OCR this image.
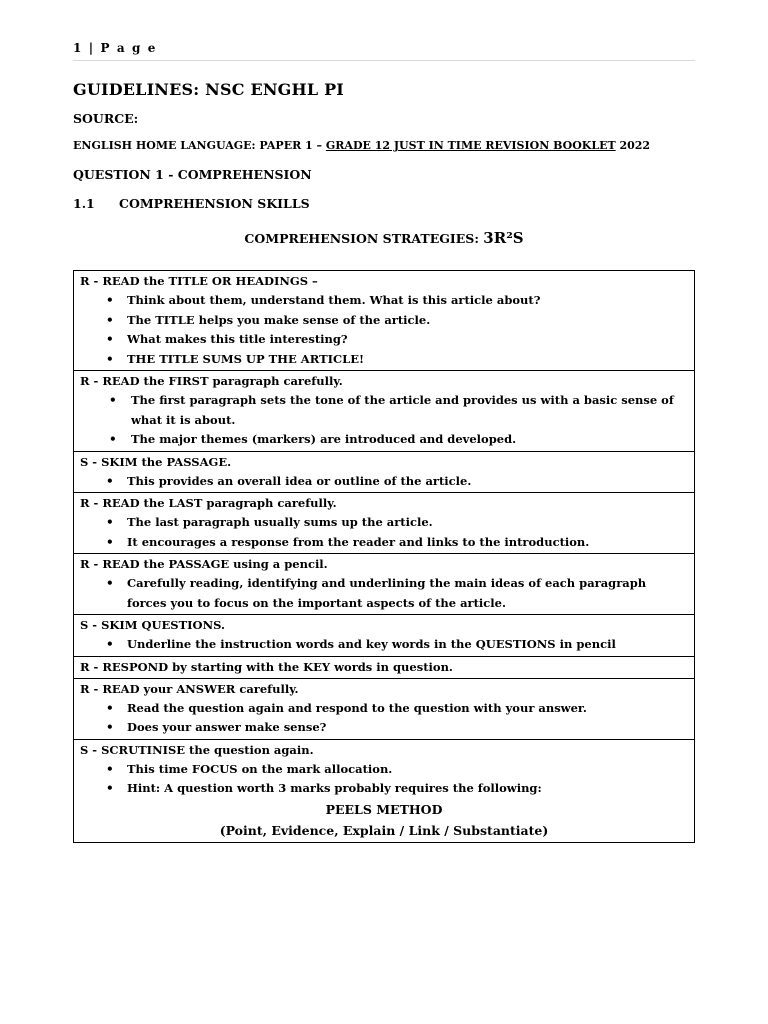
1 | P a g e
GUIDELINES: NSC ENGHL PI
SOURCE:
ENGLISH HOME LANGUAGE: PAPER 1 – GRADE 12 JUST IN TIME REVISION BOOKLET 2022
QUESTION 1 - COMPREHENSION
1.1	COMPREHENSION SKILLS
COMPREHENSION STRATEGIES: 3R²S
R - READ the TITLE OR HEADINGS –
• Think about them, understand them. What is this article about?
• The TITLE helps you make sense of the article.
• What makes this title interesting?
• THE TITLE SUMS UP THE ARTICLE!
R - READ the FIRST paragraph carefully.
• The first paragraph sets the tone of the article and provides us with a basic sense of what it is about.
• The major themes (markers) are introduced and developed.
S - SKIM the PASSAGE.
• This provides an overall idea or outline of the article.
R - READ the LAST paragraph carefully.
• The last paragraph usually sums up the article.
• It encourages a response from the reader and links to the introduction.
R - READ the PASSAGE using a pencil.
• Carefully reading, identifying and underlining the main ideas of each paragraph forces you to focus on the important aspects of the article.
S - SKIM QUESTIONS.
• Underline the instruction words and key words in the QUESTIONS in pencil
R - RESPOND by starting with the KEY words in question.
R - READ your ANSWER carefully.
• Read the question again and respond to the question with your answer.
• Does your answer make sense?
S - SCRUTINISE the question again.
• This time FOCUS on the mark allocation.
• Hint: A question worth 3 marks probably requires the following:
PEELS METHOD
(Point, Evidence, Explain / Link / Substantiate)
